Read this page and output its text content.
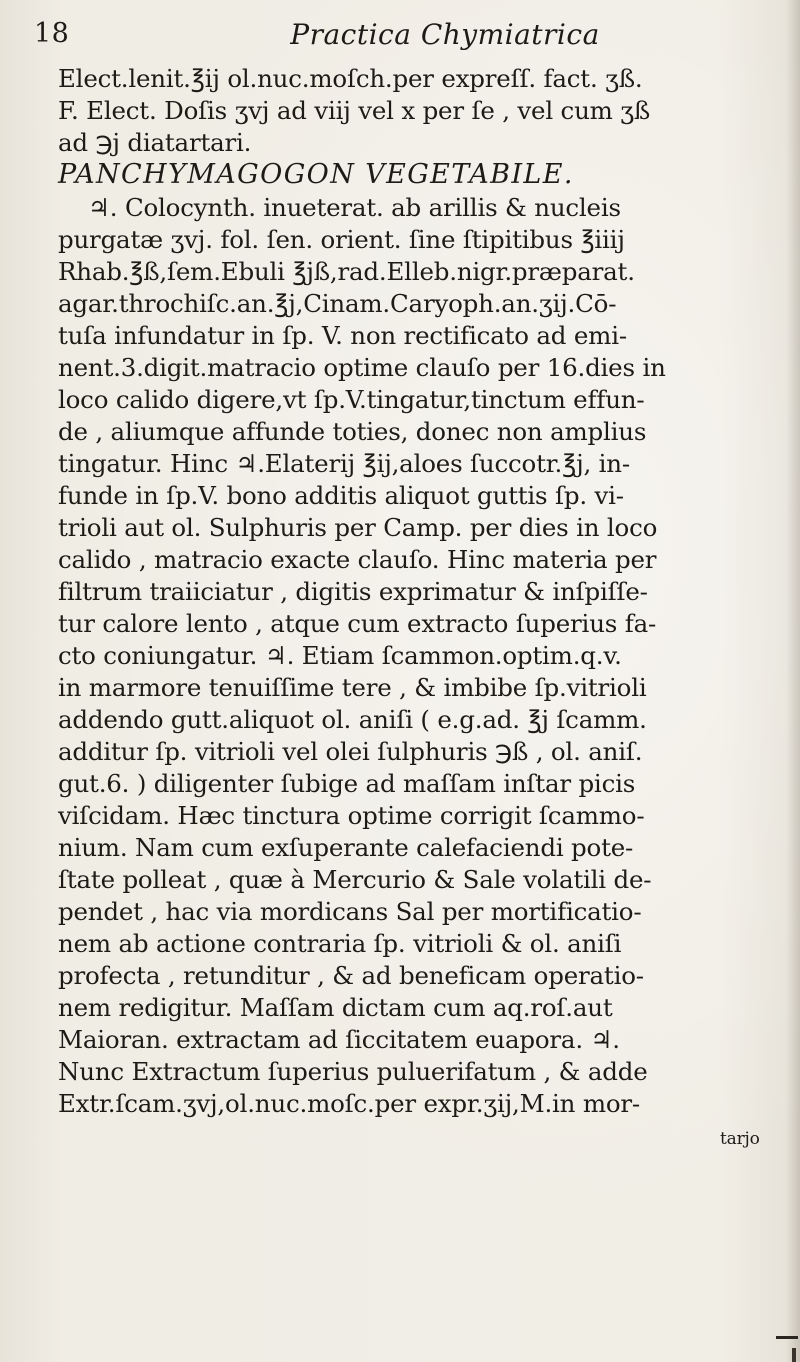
18	Practica Chymiatrica
Elect.lenit.℥ij ol.nuc.moſch.per expreſſ. fact. ʒß.
F. Elect. Doſis ʒvj ad viij vel x per ſe , vel cum ʒß
ad ℈j diatartari.
PANCHYMAGOGON VEGETABILE.
♃. Colocynth. inueterat. ab arillis & nucleis
purgatæ ʒvj. fol. ſen. orient. ſine ſtipitibus ℥iiij
Rhab.℥ß,ſem.Ebuli ℥jß,rad.Elleb.nigr.præparat.
agar.throchiſc.an.℥j,Cinam.Caryoph.an.ʒij.Cō-
tuſa infundatur in ſp. V. non rectificato ad emi-
nent.3.digit.matracio optime clauſo per 16.dies in
loco calido digere,vt ſp.V.tingatur,tinctum effun-
de , aliumque affunde toties, donec non amplius
tingatur. Hinc ♃.Elaterij ℥ij,aloes ſuccotr.℥j, in-
funde in ſp.V. bono additis aliquot guttis ſp. vi-
trioli aut ol. Sulphuris per Camp. per dies in loco
calido , matracio exacte clauſo. Hinc materia per
filtrum traiiciatur , digitis exprimatur & inſpiſſe-
tur calore lento , atque cum extracto ſuperius fa-
cto coniungatur. ♃. Etiam ſcammon.optim.q.v.
in marmore tenuiſſime tere , & imbibe ſp.vitrioli
addendo gutt.aliquot ol. aniſi ( e.g.ad. ℥j ſcamm.
additur ſp. vitrioli vel olei ſulphuris ℈ß , ol. aniſ.
gut.6. ) diligenter ſubige ad maſſam inſtar picis
viſcidam. Hæc tinctura optime corrigit ſcammo-
nium. Nam cum exſuperante calefaciendi pote-
ſtate polleat , quæ à Mercurio & Sale volatili de-
pendet , hac via mordicans Sal per mortificatio-
nem ab actione contraria ſp. vitrioli & ol. aniſi
profecta , retunditur , & ad beneficam operatio-
nem redigitur. Maſſam dictam cum aq.roſ.aut
Maioran. extractam ad ſiccitatem euapora. ♃.
Nunc Extractum ſuperius puluerifatum , & adde
Extr.ſcam.ʒvj,ol.nuc.moſc.per expr.ʒij,M.in mor-
tarjo
